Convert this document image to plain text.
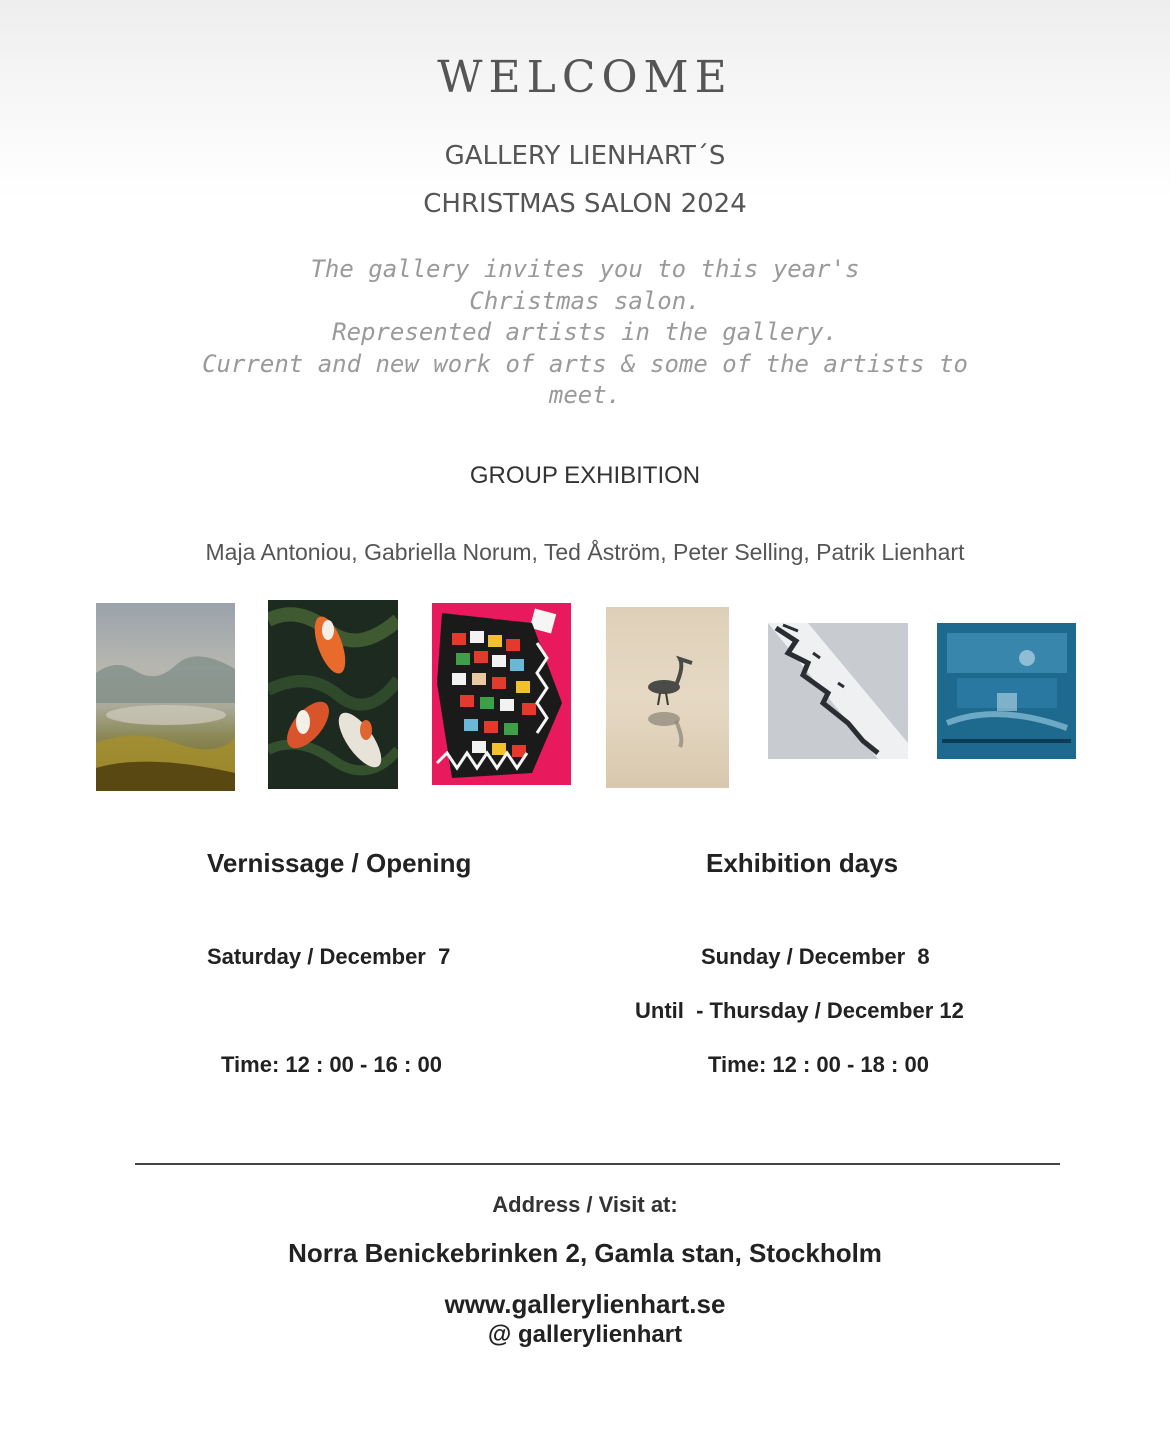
WELCOME
GALLERY LIENHART´S
CHRISTMAS SALON 2024
The gallery invites you to this year's
Christmas salon.
Represented artists in the gallery.
Current and new work of arts & some of the artists to
meet.
GROUP EXHIBITION
Maja Antoniou, Gabriella Norum, Ted Åström, Peter Selling, Patrik Lienhart
Vernissage / Opening
Saturday / December  7
Time: 12 : 00 - 16 : 00
Exhibition days
Sunday / December  8
Until  - Thursday / December 12
Time: 12 : 00 - 18 : 00
Address / Visit at:
Norra Benickebrinken 2, Gamla stan, Stockholm
www.gallerylienhart.se
@ gallerylienhart
